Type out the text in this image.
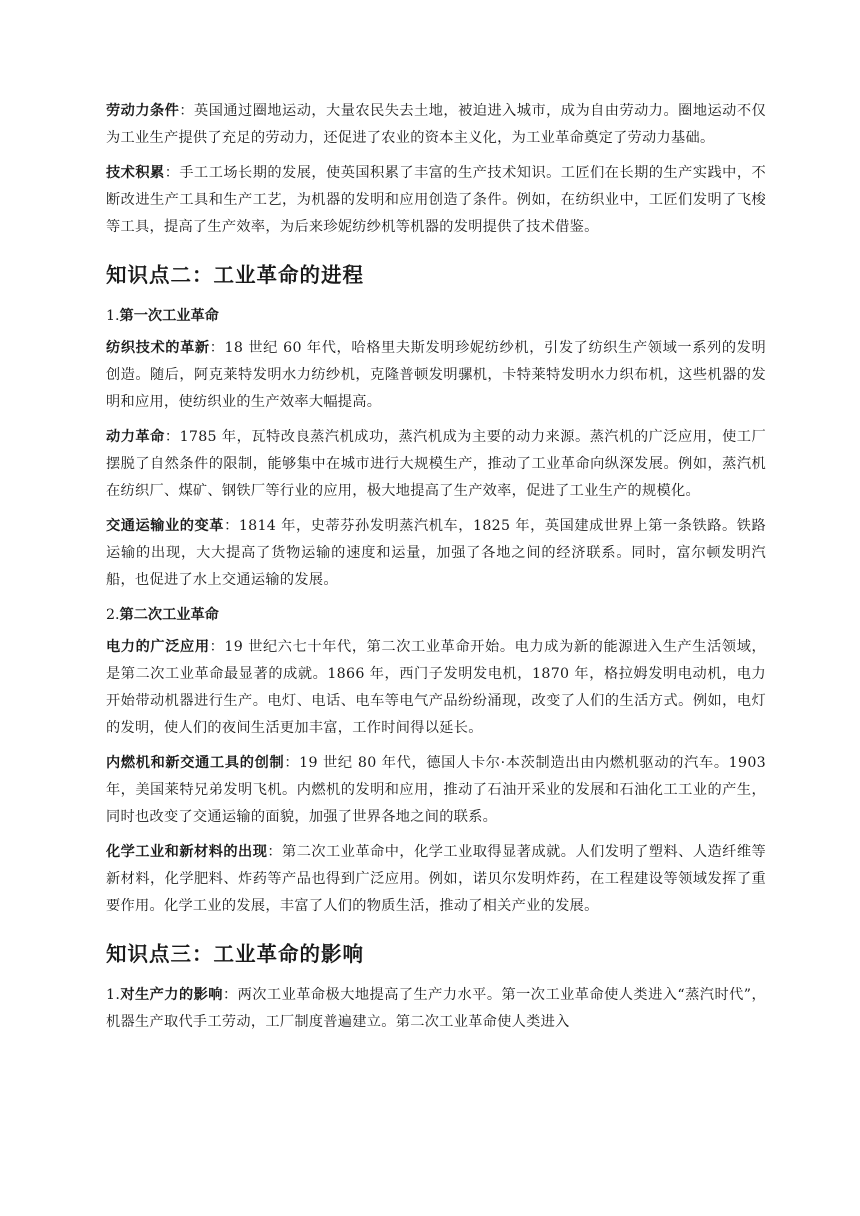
劳动力条件：英国通过圈地运动，大量农民失去土地，被迫进入城市，成为自由劳动力。圈地运动不仅为工业生产提供了充足的劳动力，还促进了农业的资本主义化，为工业革命奠定了劳动力基础。

技术积累：手工工场长期的发展，使英国积累了丰富的生产技术知识。工匠们在长期的生产实践中，不断改进生产工具和生产工艺，为机器的发明和应用创造了条件。例如，在纺织业中，工匠们发明了飞梭等工具，提高了生产效率，为后来珍妮纺纱机等机器的发明提供了技术借鉴。

知识点二：工业革命的进程

1.第一次工业革命

纺织技术的革新：18 世纪 60 年代，哈格里夫斯发明珍妮纺纱机，引发了纺织生产领域一系列的发明创造。随后，阿克莱特发明水力纺纱机，克隆普顿发明骡机，卡特莱特发明水力织布机，这些机器的发明和应用，使纺织业的生产效率大幅提高。

动力革命：1785 年，瓦特改良蒸汽机成功，蒸汽机成为主要的动力来源。蒸汽机的广泛应用，使工厂摆脱了自然条件的限制，能够集中在城市进行大规模生产，推动了工业革命向纵深发展。例如，蒸汽机在纺织厂、煤矿、钢铁厂等行业的应用，极大地提高了生产效率，促进了工业生产的规模化。

交通运输业的变革：1814 年，史蒂芬孙发明蒸汽机车，1825 年，英国建成世界上第一条铁路。铁路运输的出现，大大提高了货物运输的速度和运量，加强了各地之间的经济联系。同时，富尔顿发明汽船，也促进了水上交通运输的发展。

2.第二次工业革命

电力的广泛应用：19 世纪六七十年代，第二次工业革命开始。电力成为新的能源进入生产生活领域，是第二次工业革命最显著的成就。1866 年，西门子发明发电机，1870 年，格拉姆发明电动机，电力开始带动机器进行生产。电灯、电话、电车等电气产品纷纷涌现，改变了人们的生活方式。例如，电灯的发明，使人们的夜间生活更加丰富，工作时间得以延长。

内燃机和新交通工具的创制：19 世纪 80 年代，德国人卡尔·本茨制造出由内燃机驱动的汽车。1903 年，美国莱特兄弟发明飞机。内燃机的发明和应用，推动了石油开采业的发展和石油化工工业的产生，同时也改变了交通运输的面貌，加强了世界各地之间的联系。

化学工业和新材料的出现：第二次工业革命中，化学工业取得显著成就。人们发明了塑料、人造纤维等新材料，化学肥料、炸药等产品也得到广泛应用。例如，诺贝尔发明炸药，在工程建设等领域发挥了重要作用。化学工业的发展，丰富了人们的物质生活，推动了相关产业的发展。

知识点三：工业革命的影响

1.对生产力的影响：两次工业革命极大地提高了生产力水平。第一次工业革命使人类进入“蒸汽时代”，机器生产取代手工劳动，工厂制度普遍建立。第二次工业革命使人类进入
